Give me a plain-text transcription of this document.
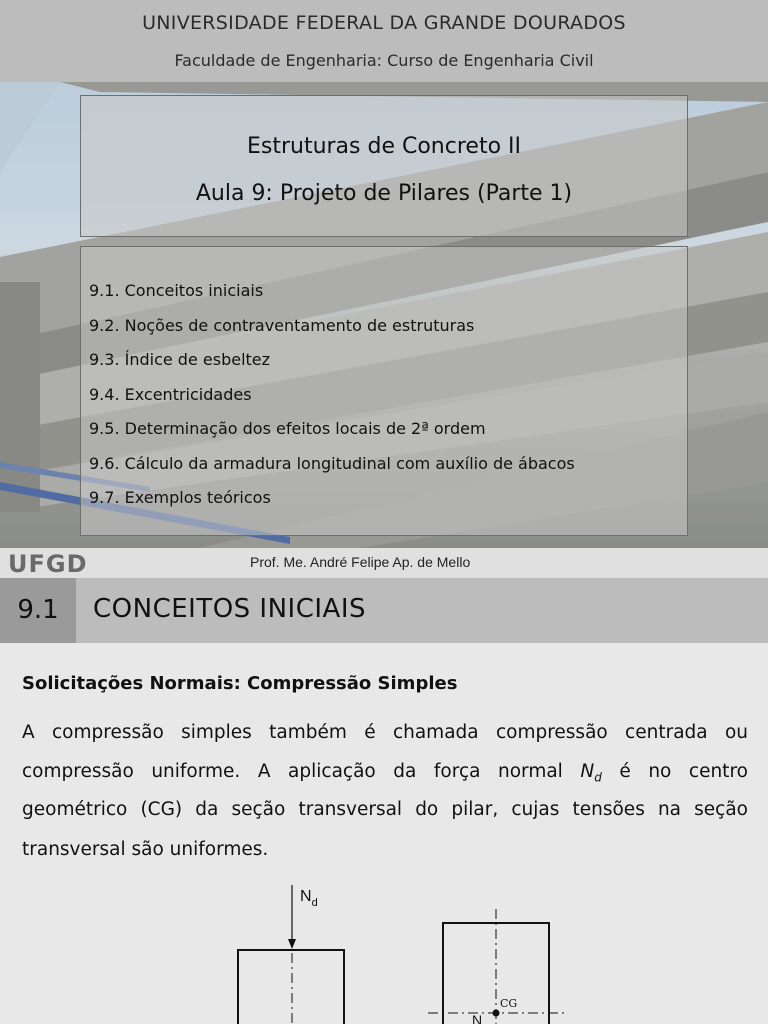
UNIVERSIDADE FEDERAL DA GRANDE DOURADOS
Faculdade de Engenharia: Curso de Engenharia Civil
Estruturas de Concreto II
Aula 9: Projeto de Pilares (Parte 1)
9.1. Conceitos iniciais
9.2. Noções de contraventamento de estruturas
9.3. Índice de esbeltez
9.4. Excentricidades
9.5. Determinação dos efeitos locais de 2ª ordem
9.6. Cálculo da armadura longitudinal com auxílio de ábacos
9.7. Exemplos teóricos
UFGD	Prof. Me. André Felipe Ap. de Mello
9.1	CONCEITOS INICIAIS
Solicitações Normais: Compressão Simples
A compressão simples também é chamada compressão centrada ou
compressão uniforme. A aplicação da força normal $N_d$ é no centro
geométrico (CG) da seção transversal do pilar, cujas tensões na seção
transversal são uniformes.
$N_d$
CG
N
